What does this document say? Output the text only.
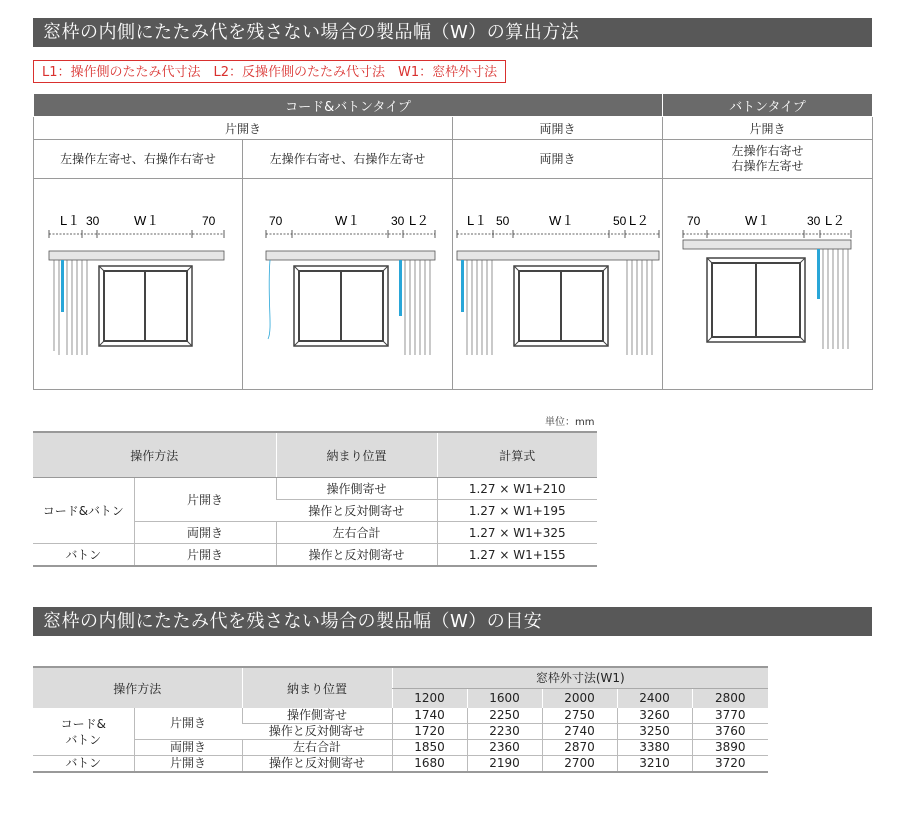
窓枠の内側にたたみ代を残さない場合の製品幅（W）の算出方法
L1：操作側のたたみ代寸法　L2：反操作側のたたみ代寸法　W1：窓枠外寸法
コード&バトンタイプ			バトンタイプ
片開き		両開き	片開き
左操作左寄せ、右操作右寄せ	左操作右寄せ、右操作左寄せ	両開き	左操作右寄せ
右操作左寄せ

L１ 30 W１ 70	70 W１ 30 L２	L１ 50 W１ 50 L２	70 W１ 30 L２
単位：mm
操作方法		納まり位置	計算式
コード&バトン	片開き	操作側寄せ	1.27 × W1+210
		操作と反対側寄せ	1.27 × W1+195
	両開き	左右合計	1.27 × W1+325
バトン	片開き	操作と反対側寄せ	1.27 × W1+155
窓枠の内側にたたみ代を残さない場合の製品幅（W）の目安
操作方法		納まり位置	窓枠外寸法(W1)				
			1200	1600	2000	2400	2800
コード&
バトン	片開き	操作側寄せ	1740	2250	2750	3260	3770
		操作と反対側寄せ	1720	2230	2740	3250	3760
	両開き	左右合計	1850	2360	2870	3380	3890
バトン	片開き	操作と反対側寄せ	1680	2190	2700	3210	3720
